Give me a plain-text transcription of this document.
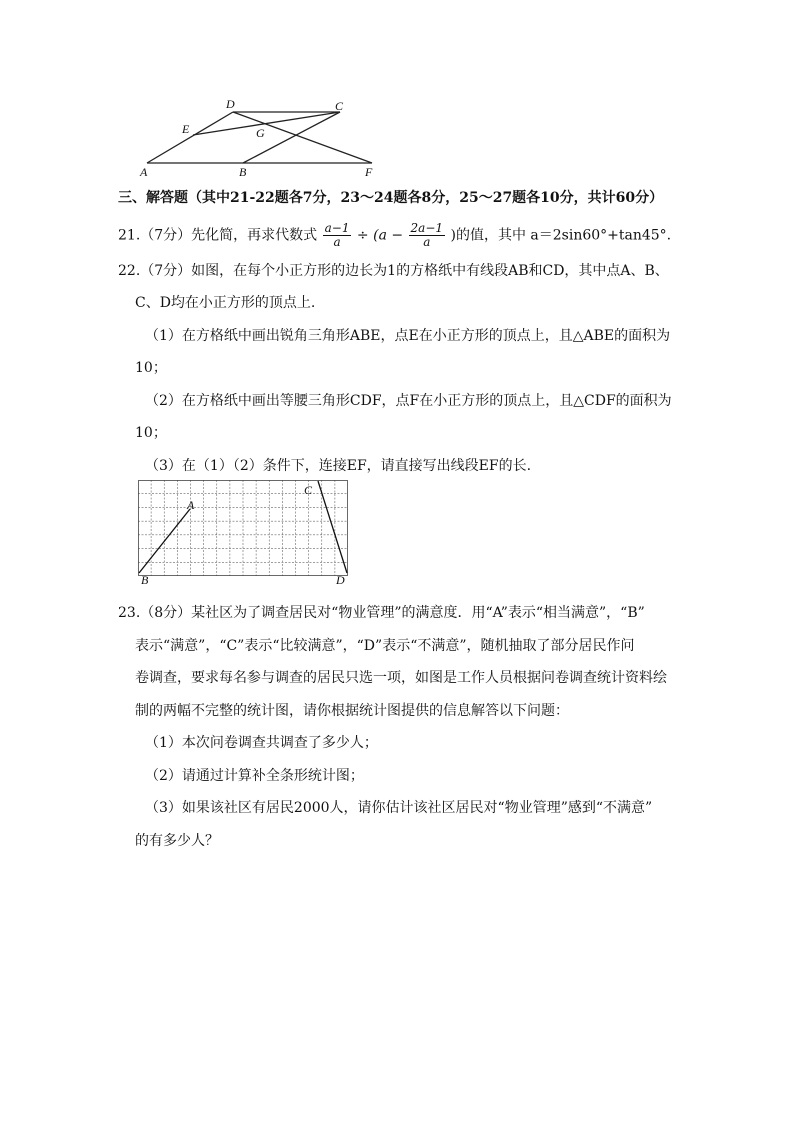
D	C
E	G
A	B	F
三、解答题（其中21-22题各7分，23～24题各8分，25～27题各10分，共计60分）
21.（7分）先化简，再求代数式 $\frac{a-1}{a} \div (a - \frac{2a-1}{a}$ )的值，其中 a＝2sin60°+tan45°.
22.（7分）如图，在每个小正方形的边长为1的方格纸中有线段AB和CD，其中点A、B、
C、D均在小正方形的顶点上.
（1）在方格纸中画出锐角三角形ABE，点E在小正方形的顶点上，且△ABE的面积为
10；
（2）在方格纸中画出等腰三角形CDF，点F在小正方形的顶点上，且△CDF的面积为
10；
（3）在（1）（2）条件下，连接EF，请直接写出线段EF的长.
A
B
C
D
23.（8分）某社区为了调查居民对“物业管理”的满意度．用“A”表示“相当满意”，“B”
表示“满意”，“C”表示“比较满意”，“D”表示“不满意”，随机抽取了部分居民作问
卷调查，要求每名参与调查的居民只选一项，如图是工作人员根据问卷调查统计资料绘
制的两幅不完整的统计图，请你根据统计图提供的信息解答以下问题：
（1）本次问卷调查共调查了多少人；
（2）请通过计算补全条形统计图；
（3）如果该社区有居民2000人，请你估计该社区居民对“物业管理”感到“不满意”
的有多少人？
